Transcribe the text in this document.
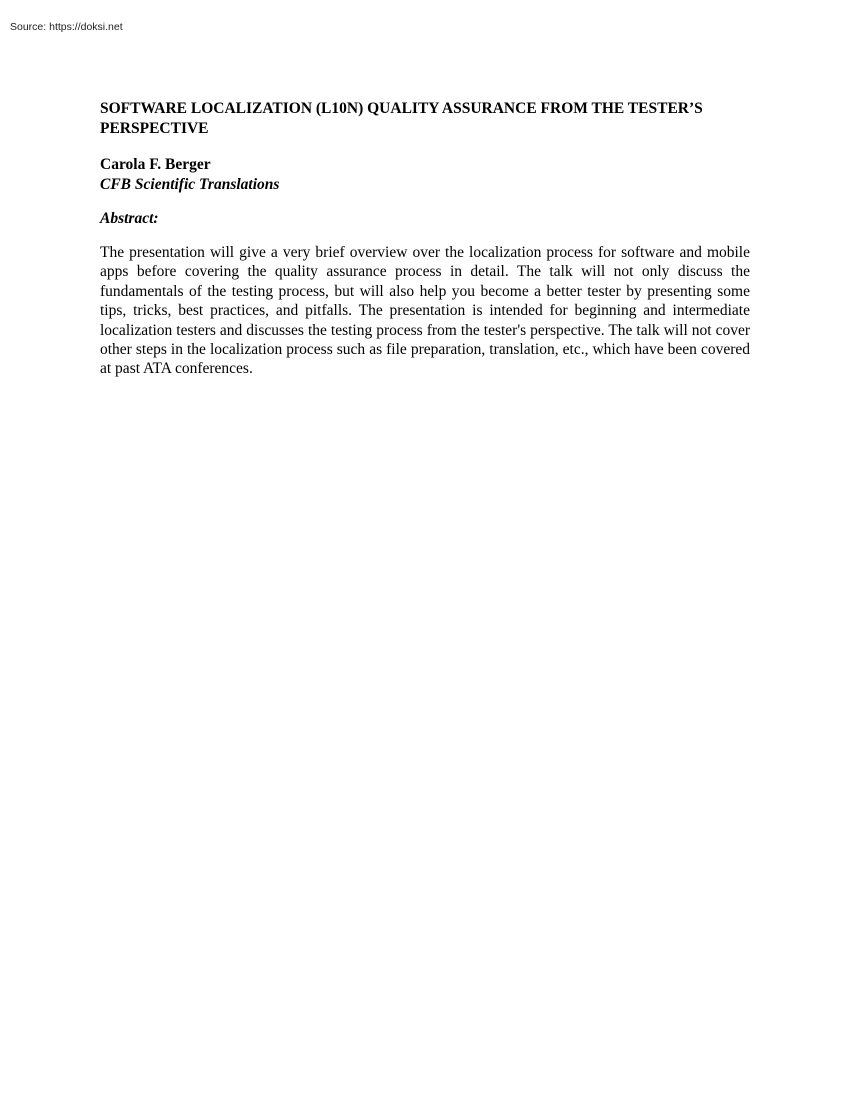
Source: https://doksi.net
SOFTWARE LOCALIZATION (L10N) QUALITY ASSURANCE FROM THE TESTER’S PERSPECTIVE

Carola F. Berger

CFB Scientific Translations

Abstract:

The presentation will give a very brief overview over the localization process for software and mobile apps before covering the quality assurance process in detail. The talk will not only discuss the fundamentals of the testing process, but will also help you become a better tester by presenting some tips, tricks, best practices, and pitfalls. The presentation is intended for beginning and intermediate localization testers and discusses the testing process from the tester's perspective. The talk will not cover other steps in the localization process such as file preparation, translation, etc., which have been covered at past ATA conferences.
